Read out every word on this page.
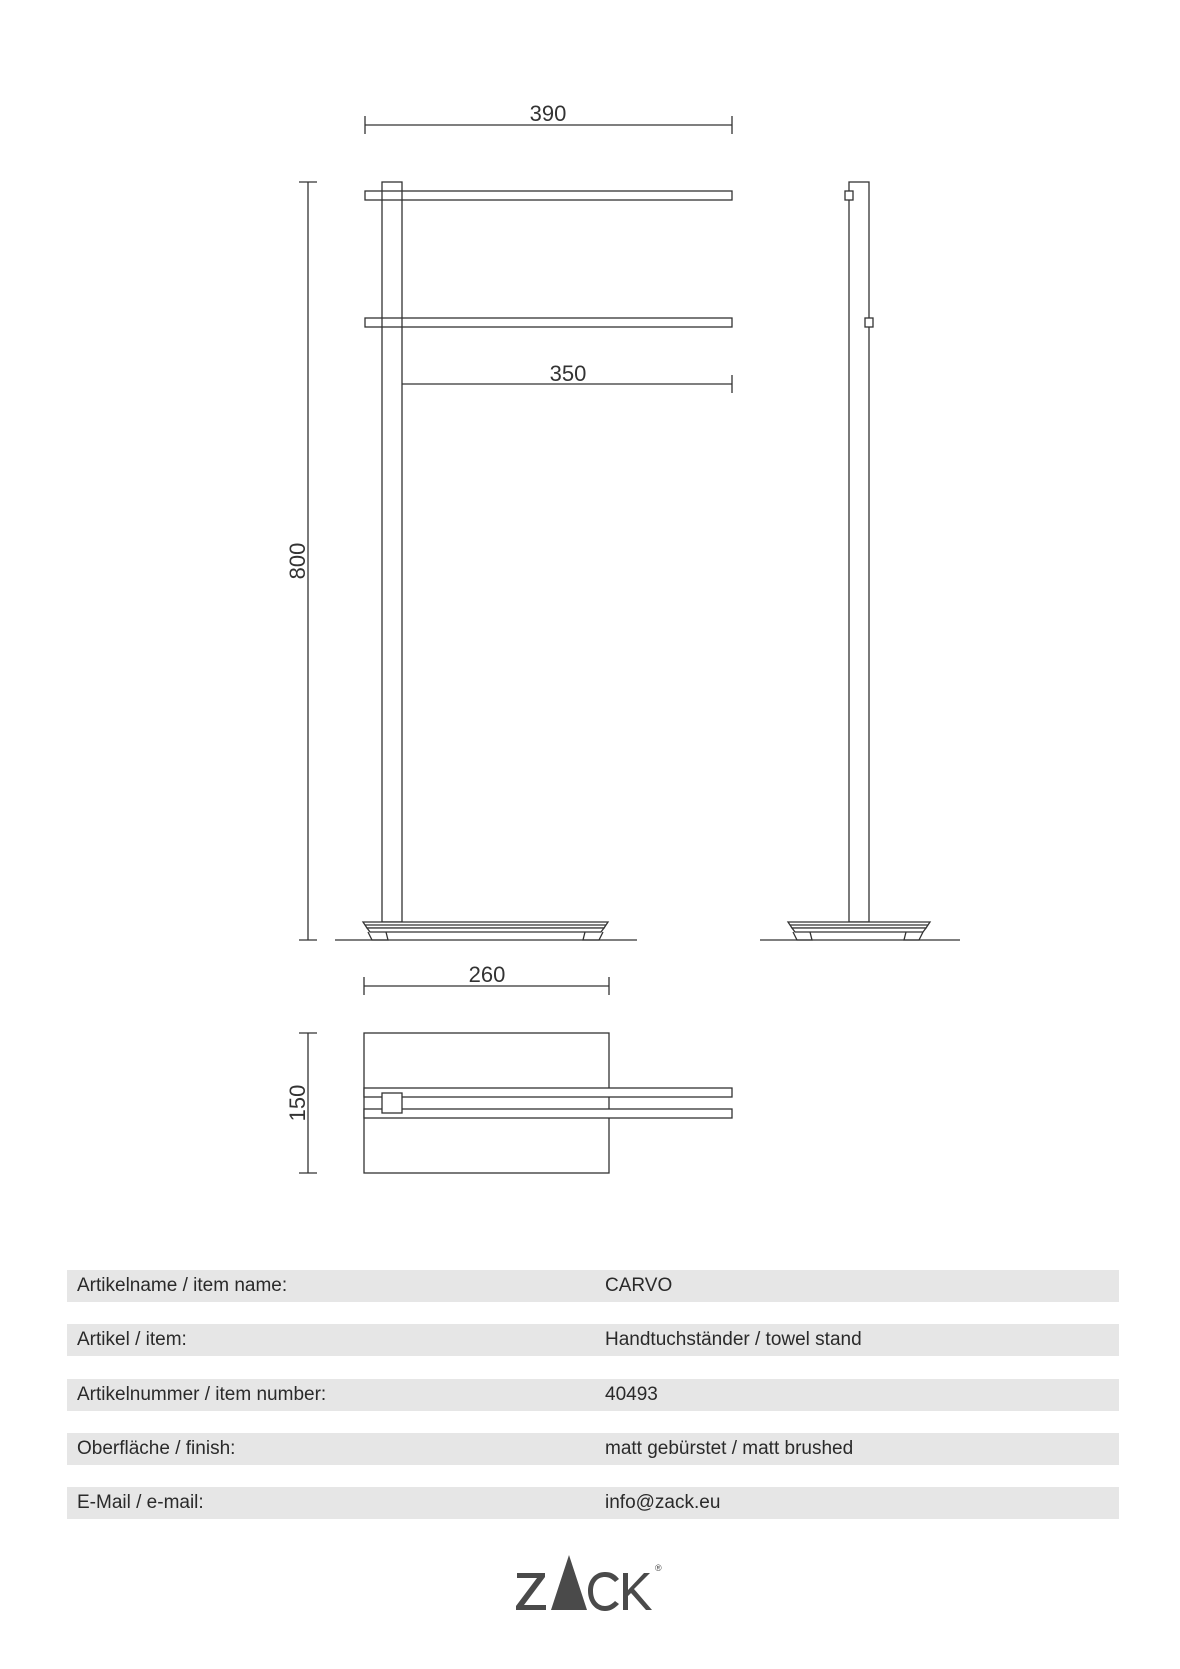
390
350
800
260
150
Artikelname / item name:	CARVO
Artikel / item:	Handtuchständer / towel stand
Artikelnummer / item number:	40493
Oberfläche / finish:	matt gebürstet / matt brushed
E-Mail / e-mail:	info@zack.eu
®
